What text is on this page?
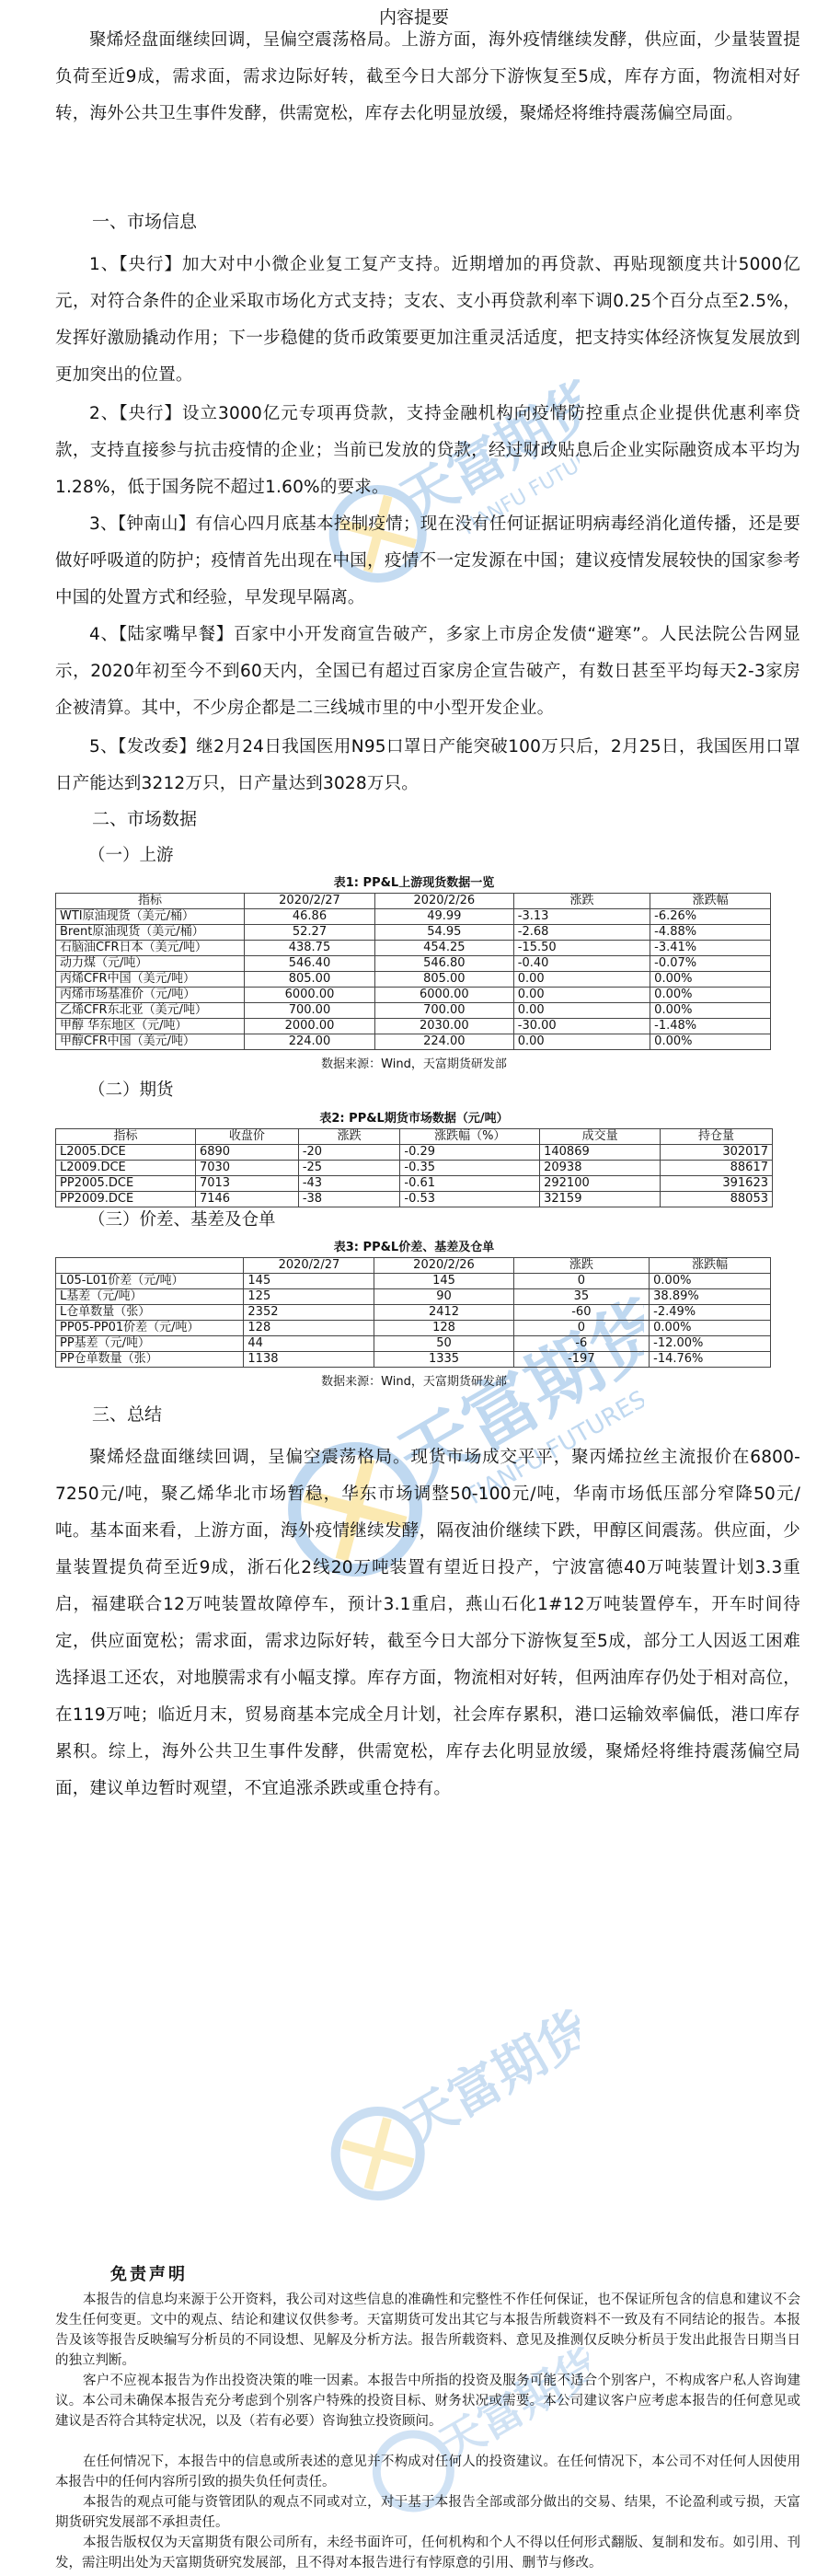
内容提要
天富期货
TIANFU FUTURES
天富期货
TIANFU FUTURES
天富期货
天富期货

聚烯烃盘面继续回调，呈偏空震荡格局。上游方面，海外疫情继续发酵，供应面，少量装置提负荷至近9成，需求面，需求边际好转，截至今日大部分下游恢复至5成，库存方面，物流相对好转，海外公共卫生事件发酵，供需宽松，库存去化明显放缓，聚烯烃将维持震荡偏空局面。

一、市场信息

1、【央行】加大对中小微企业复工复产支持。近期增加的再贷款、再贴现额度共计5000亿元，对符合条件的企业采取市场化方式支持；支农、支小再贷款利率下调0.25个百分点至2.5%，发挥好激励撬动作用；下一步稳健的货币政策要更加注重灵活适度，把支持实体经济恢复发展放到更加突出的位置。

2、【央行】设立3000亿元专项再贷款，支持金融机构向疫情防控重点企业提供优惠利率贷款，支持直接参与抗击疫情的企业；当前已发放的贷款，经过财政贴息后企业实际融资成本平均为1.28%，低于国务院不超过1.60%的要求。

3、【钟南山】有信心四月底基本控制疫情；现在没有任何证据证明病毒经消化道传播，还是要做好呼吸道的防护；疫情首先出现在中国，疫情不一定发源在中国；建议疫情发展较快的国家参考中国的处置方式和经验，早发现早隔离。

4、【陆家嘴早餐】百家中小开发商宣告破产，多家上市房企发债“避寒”。人民法院公告网显示，2020年初至今不到60天内，全国已有超过百家房企宣告破产，有数日甚至平均每天2-3家房企被清算。其中，不少房企都是二三线城市里的中小型开发企业。

5、【发改委】继2月24日我国医用N95口罩日产能突破100万只后，2月25日，我国医用口罩日产能达到3212万只，日产量达到3028万只。

二、市场数据
（一）上游
表1: PP&L上游现货数据一览
指标	2020/2/27	2020/2/26	涨跌	涨跌幅
WTI原油现货（美元/桶）	46.86	49.99	-3.13	-6.26%
Brent原油现货（美元/桶）	52.27	54.95	-2.68	-4.88%
石脑油CFR日本（美元/吨）	438.75	454.25	-15.50	-3.41%
动力煤（元/吨）	546.40	546.80	-0.40	-0.07%
丙烯CFR中国（美元/吨）	805.00	805.00	0.00	0.00%
丙烯市场基准价（元/吨）	6000.00	6000.00	0.00	0.00%
乙烯CFR东北亚（美元/吨）	700.00	700.00	0.00	0.00%
甲醇 华东地区（元/吨）	2000.00	2030.00	-30.00	-1.48%
甲醇CFR中国（美元/吨）	224.00	224.00	0.00	0.00%
数据来源：Wind，天富期货研发部
（二）期货
表2: PP&L期货市场数据（元/吨）
指标	收盘价	涨跌	涨跌幅（%）	成交量	持仓量
L2005.DCE	6890	-20	-0.29	140869	302017
L2009.DCE	7030	-25	-0.35	20938	88617
PP2005.DCE	7013	-43	-0.61	292100	391623
PP2009.DCE	7146	-38	-0.53	32159	88053
（三）价差、基差及仓单
表3: PP&L价差、基差及仓单
	2020/2/27	2020/2/26	涨跌	涨跌幅
L05-L01价差（元/吨）	145	145	0	0.00%
L基差（元/吨）	125	90	35	38.89%
L仓单数量（张）	2352	2412	-60	-2.49%
PP05-PP01价差（元/吨）	128	128	0	0.00%
PP基差（元/吨）	44	50	-6	-12.00%
PP仓单数量（张）	1138	1335	-197	-14.76%
数据来源：Wind，天富期货研发部
三、总结

聚烯烃盘面继续回调，呈偏空震荡格局。现货市场成交平平，聚丙烯拉丝主流报价在6800-7250元/吨，聚乙烯华北市场暂稳，华东市场调整50-100元/吨，华南市场低压部分窄降50元/吨。基本面来看，上游方面，海外疫情继续发酵，隔夜油价继续下跌，甲醇区间震荡。供应面，少量装置提负荷至近9成，浙石化2线20万吨装置有望近日投产，宁波富德40万吨装置计划3.3重启，福建联合12万吨装置故障停车，预计3.1重启，燕山石化1#12万吨装置停车，开车时间待定，供应面宽松；需求面，需求边际好转，截至今日大部分下游恢复至5成，部分工人因返工困难选择退工还农，对地膜需求有小幅支撑。库存方面，物流相对好转，但两油库存仍处于相对高位，在119万吨；临近月末，贸易商基本完成全月计划，社会库存累积，港口运输效率偏低，港口库存累积。综上，海外公共卫生事件发酵，供需宽松，库存去化明显放缓，聚烯烃将维持震荡偏空局面，建议单边暂时观望，不宜追涨杀跌或重仓持有。

免责声明

本报告的信息均来源于公开资料，我公司对这些信息的准确性和完整性不作任何保证，也不保证所包含的信息和建议不会发生任何变更。文中的观点、结论和建议仅供参考。天富期货可发出其它与本报告所载资料不一致及有不同结论的报告。本报告及该等报告反映编写分析员的不同设想、见解及分析方法。报告所载资料、意见及推测仅反映分析员于发出此报告日期当日的独立判断。

客户不应视本报告为作出投资决策的唯一因素。本报告中所指的投资及服务可能不适合个别客户，不构成客户私人咨询建议。本公司未确保本报告充分考虑到个别客户特殊的投资目标、财务状况或需要。本公司建议客户应考虑本报告的任何意见或建议是否符合其特定状况，以及（若有必要）咨询独立投资顾问。

在任何情况下，本报告中的信息或所表述的意见并不构成对任何人的投资建议。在任何情况下，本公司不对任何人因使用本报告中的任何内容所引致的损失负任何责任。

本报告的观点可能与资管团队的观点不同或对立，对于基于本报告全部或部分做出的交易、结果，不论盈利或亏损，天富期货研究发展部不承担责任。

本报告版权仅为天富期货有限公司所有，未经书面许可，任何机构和个人不得以任何形式翻版、复制和发布。如引用、刊发，需注明出处为天富期货研究发展部，且不得对本报告进行有悖原意的引用、删节与修改。
